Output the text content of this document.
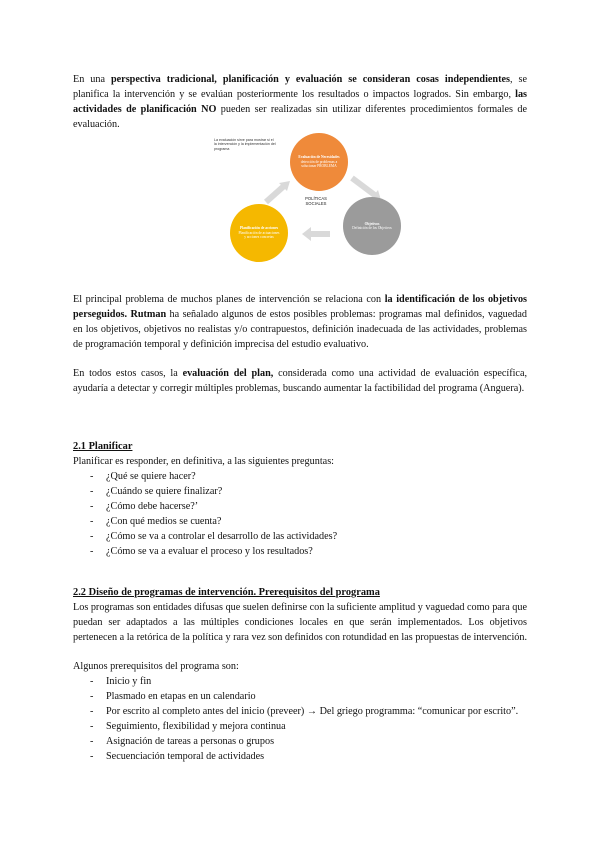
En una perspectiva tradicional, planificación y evaluación se consideran cosas independientes, se planifica la intervención y se evalúan posteriormente los resultados o impactos logrados. Sin embargo, las actividades de planificación NO pueden ser realizadas sin utilizar diferentes procedimientos formales de evaluación.

La evaluación sirve para mostrar si el la intervención y la implementación del programa
Evaluación de Necesidades
detección de problemas a solucionar PROBLEMA
Objetivos
Definición de los Objetivos
Planificación de acciones
Planificación de actuaciones y acciones concretas
POLÍTICAS SOCIALES

El principal problema de muchos planes de intervención se relaciona con la identificación de los objetivos perseguidos. Rutman ha señalado algunos de estos posibles problemas: programas mal definidos, vaguedad en los objetivos, objetivos no realistas y/o contrapuestos, definición inadecuada de las actividades, problemas de programación temporal y definición imprecisa del estudio evaluativo.

En todos estos casos, la evaluación del plan, considerada como una actividad de evaluación específica, ayudaría a detectar y corregir múltiples problemas, buscando aumentar la factibilidad del programa (Anguera).

2.1 Planificar

Planificar es responder, en definitiva, a las siguientes preguntas:

- ¿Qué se quiere hacer?
- ¿Cuándo se quiere finalizar?
- ¿Cómo debe hacerse?’
- ¿Con qué medios se cuenta?
- ¿Cómo se va a controlar el desarrollo de las actividades?
- ¿Cómo se va a evaluar el proceso y los resultados?

2.2 Diseño de programas de intervención. Prerequisitos del programa

Los programas son entidades difusas que suelen definirse con la suficiente amplitud y vaguedad como para que puedan ser adaptados a las múltiples condiciones locales en que serán implementados. Los objetivos pertenecen a la retórica de la política y rara vez son definidos con rotundidad en las propuestas de intervención.

Algunos prerequisitos del programa son:

- Inicio y fin
- Plasmado en etapas en un calendario
- Por escrito al completo antes del inicio (preveer) → Del griego programma: “comunicar por escrito”.
- Seguimiento, flexibilidad y mejora continua
- Asignación de tareas a personas o grupos
- Secuenciación temporal de actividades
